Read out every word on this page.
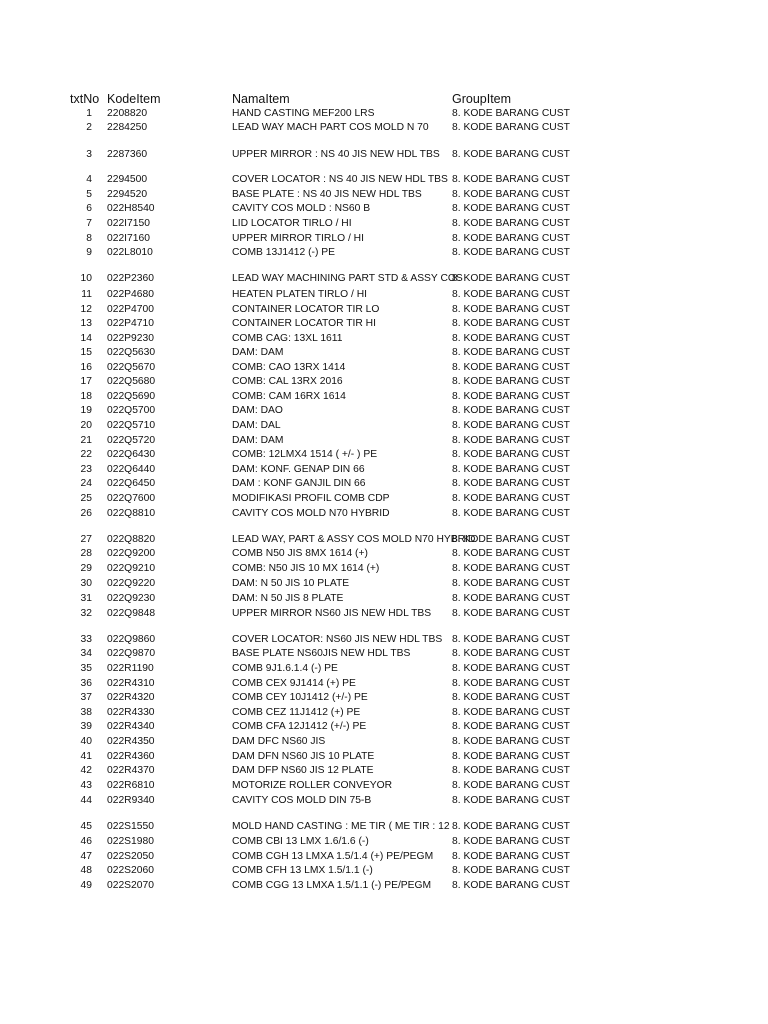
txtNo KodeItem	NamaItem	GroupItem
1 2208820	HAND CASTING MEF200 LRS	8. KODE BARANG CUST
2 2284250	LEAD WAY MACH PART COS MOLD N 70	8. KODE BARANG CUST
3 2287360	UPPER MIRROR : NS 40 JIS NEW HDL TBS	8. KODE BARANG CUST
4 2294500	COVER LOCATOR : NS 40 JIS NEW HDL TBS 8. KODE BARANG CUST
5 2294520	BASE PLATE : NS 40 JIS NEW HDL TBS	8. KODE BARANG CUST
6 022H8540	CAVITY COS MOLD : NS60 B	8. KODE BARANG CUST
7 022I7150	LID LOCATOR TIRLO / HI	8. KODE BARANG CUST
8 022I7160	UPPER MIRROR TIRLO / HI	8. KODE BARANG CUST
9 022L8010	COMB 13J1412 (-) PE	8. KODE BARANG CUST
10 022P2360	LEAD WAY MACHINING PART STD & ASSY COS
8. KODE BARANG CUST
11 022P4680	HEATEN PLATEN TIRLO / HI	8. KODE BARANG CUST
12 022P4700	CONTAINER LOCATOR TIR LO	8. KODE BARANG CUST
13 022P4710	CONTAINER LOCATOR TIR HI	8. KODE BARANG CUST
14 022P9230	COMB CAG: 13XL 1611	8. KODE BARANG CUST
15 022Q5630	DAM: DAM	8. KODE BARANG CUST
16 022Q5670	COMB: CAO 13RX 1414	8. KODE BARANG CUST
17 022Q5680	COMB: CAL 13RX 2016	8. KODE BARANG CUST
18 022Q5690	COMB: CAM 16RX 1614	8. KODE BARANG CUST
19 022Q5700	DAM: DAO	8. KODE BARANG CUST
20 022Q5710	DAM: DAL	8. KODE BARANG CUST
21 022Q5720	DAM: DAM	8. KODE BARANG CUST
22 022Q6430	COMB: 12LMX4 1514 ( +/- ) PE	8. KODE BARANG CUST
23 022Q6440	DAM: KONF. GENAP DIN 66	8. KODE BARANG CUST
24 022Q6450	DAM : KONF GANJIL DIN 66	8. KODE BARANG CUST
25 022Q7600	MODIFIKASI PROFIL COMB CDP	8. KODE BARANG CUST
26 022Q8810	CAVITY COS MOLD N70 HYBRID	8. KODE BARANG CUST
27 022Q8820	LEAD WAY, PART & ASSY COS MOLD N70 HYBRID
8. KODE BARANG CUST
28 022Q9200	COMB N50 JIS 8MX 1614 (+)	8. KODE BARANG CUST
29 022Q9210	COMB: N50 JIS 10 MX 1614 (+)	8. KODE BARANG CUST
30 022Q9220	DAM: N 50 JIS 10 PLATE	8. KODE BARANG CUST
31 022Q9230	DAM: N 50 JIS 8 PLATE	8. KODE BARANG CUST
32 022Q9848	UPPER MIRROR NS60 JIS NEW HDL TBS	8. KODE BARANG CUST
33 022Q9860	COVER LOCATOR: NS60 JIS NEW HDL TBS 8. KODE BARANG CUST
34 022Q9870	BASE PLATE NS60JIS NEW HDL TBS	8. KODE BARANG CUST
35 022R1190	COMB 9J1.6.1.4 (-) PE	8. KODE BARANG CUST
36 022R4310	COMB CEX 9J1414 (+) PE	8. KODE BARANG CUST
37 022R4320	COMB CEY 10J1412 (+/-) PE	8. KODE BARANG CUST
38 022R4330	COMB CEZ 11J1412 (+) PE	8. KODE BARANG CUST
39 022R4340	COMB CFA 12J1412 (+/-) PE	8. KODE BARANG CUST
40 022R4350	DAM DFC NS60 JIS	8. KODE BARANG CUST
41 022R4360	DAM DFN NS60 JIS 10 PLATE	8. KODE BARANG CUST
42 022R4370	DAM DFP NS60 JIS 12 PLATE	8. KODE BARANG CUST
43 022R6810	MOTORIZE ROLLER CONVEYOR	8. KODE BARANG CUST
44 022R9340	CAVITY COS MOLD DIN 75-B	8. KODE BARANG CUST
45 022S1550	MOLD HAND CASTING : ME TIR ( ME TIR : 12 8. KODE BARANG CUST
46 022S1980	COMB CBI 13 LMX 1.6/1.6 (-)	8. KODE BARANG CUST
47 022S2050	COMB CGH 13 LMXA 1.5/1.4 (+) PE/PEGM	8. KODE BARANG CUST
48 022S2060	COMB CFH 13 LMX 1.5/1.1 (-)	8. KODE BARANG CUST
49 022S2070	COMB CGG 13 LMXA 1.5/1.1 (-) PE/PEGM	8. KODE BARANG CUST
